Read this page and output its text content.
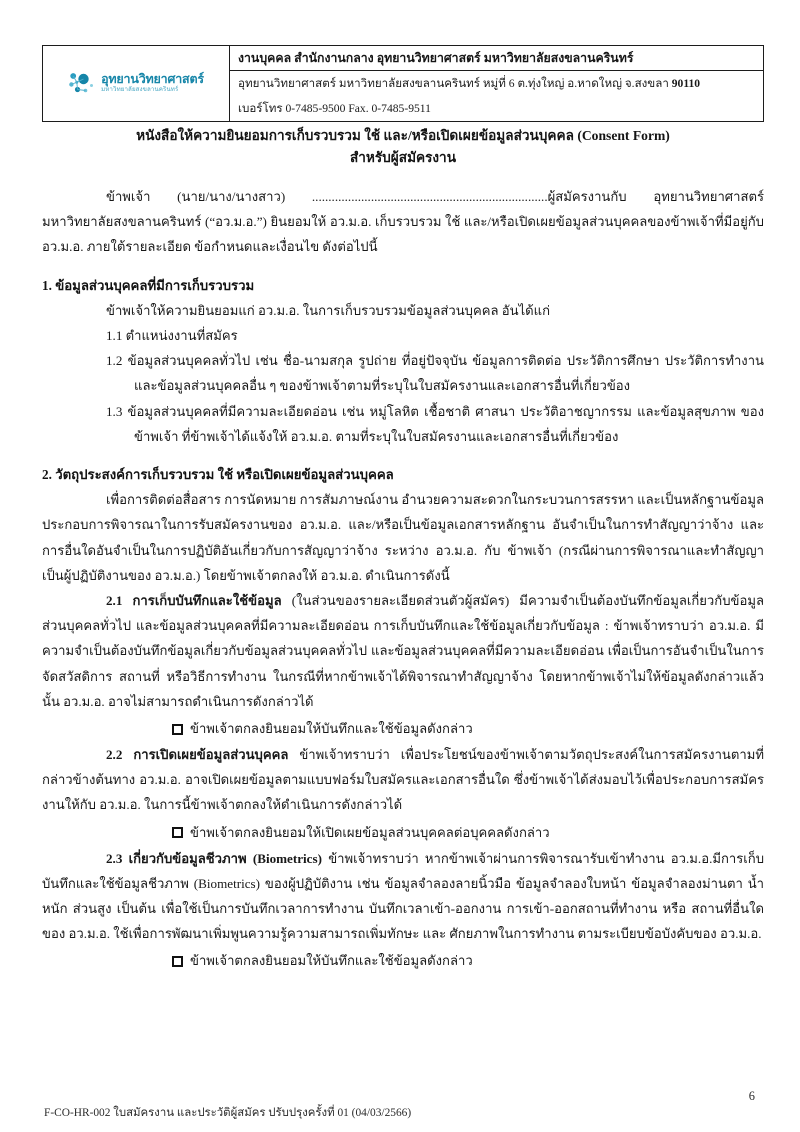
อุทยานวิทยาศาสตร์
มหาวิทยาลัยสงขลานครินทร์
	งานบุคคล สำนักงานกลาง อุทยานวิทยาศาสตร์ มหาวิทยาลัยสงขลานครินทร์
อุทยานวิทยาศาสตร์ มหาวิทยาลัยสงขลานครินทร์ หมู่ที่ 6 ต.ทุ่งใหญ่ อ.หาดใหญ่ จ.สงขลา 90110
เบอร์โทร 0-7485-9500 Fax. 0-7485-9511
หนังสือให้ความยินยอมการเก็บรวบรวม ใช้ และ/หรือเปิดเผยข้อมูลส่วนบุคคล (Consent Form)
สำหรับผู้สมัครงาน

ข้าพเจ้า (นาย/นาง/นางสาว) ........................................................................ผู้สมัครงานกับ อุทยานวิทยาศาสตร์ มหาวิทยาลัยสงขลานครินทร์ (“อว.ม.อ.”) ยินยอมให้ อว.ม.อ. เก็บรวบรวม ใช้ และ/หรือเปิดเผยข้อมูลส่วนบุคคลของข้าพเจ้าที่มีอยู่กับ อว.ม.อ. ภายใต้รายละเอียด ข้อกำหนดและเงื่อนไข ดังต่อไปนี้

1. ข้อมูลส่วนบุคคลที่มีการเก็บรวบรวม

ข้าพเจ้าให้ความยินยอมแก่ อว.ม.อ. ในการเก็บรวบรวมข้อมูลส่วนบุคคล อันได้แก่

1.1 ตำแหน่งงานที่สมัคร

1.2 ข้อมูลส่วนบุคคลทั่วไป เช่น ชื่อ-นามสกุล รูปถ่าย ที่อยู่ปัจจุบัน ข้อมูลการติดต่อ ประวัติการศึกษา ประวัติการทำงาน และข้อมูลส่วนบุคคลอื่น ๆ ของข้าพเจ้าตามที่ระบุในใบสมัครงานและเอกสารอื่นที่เกี่ยวข้อง

1.3 ข้อมูลส่วนบุคคลที่มีความละเอียดอ่อน เช่น หมู่โลหิต เชื้อชาติ ศาสนา ประวัติอาชญากรรม และข้อมูลสุขภาพ ของข้าพเจ้า ที่ข้าพเจ้าได้แจ้งให้ อว.ม.อ. ตามที่ระบุในใบสมัครงานและเอกสารอื่นที่เกี่ยวข้อง

2. วัตถุประสงค์การเก็บรวบรวม ใช้ หรือเปิดเผยข้อมูลส่วนบุคคล

เพื่อการติดต่อสื่อสาร การนัดหมาย การสัมภาษณ์งาน อำนวยความสะดวกในกระบวนการสรรหา และเป็นหลักฐานข้อมูลประกอบการพิจารณาในการรับสมัครงานของ อว.ม.อ. และ/หรือเป็นข้อมูลเอกสารหลักฐาน อันจำเป็นในการทำสัญญาว่าจ้าง และการอื่นใดอันจำเป็นในการปฏิบัติอันเกี่ยวกับการสัญญาว่าจ้าง ระหว่าง อว.ม.อ. กับ ข้าพเจ้า (กรณีผ่านการพิจารณาและทำสัญญาเป็นผู้ปฏิบัติงานของ อว.ม.อ.) โดยข้าพเจ้าตกลงให้ อว.ม.อ. ดำเนินการดังนี้

2.1 การเก็บบันทึกและใช้ข้อมูล (ในส่วนของรายละเอียดส่วนตัวผู้สมัคร) มีความจำเป็นต้องบันทึกข้อมูลเกี่ยวกับข้อมูลส่วนบุคคลทั่วไป และข้อมูลส่วนบุคคลที่มีความละเอียดอ่อน การเก็บบันทึกและใช้ข้อมูลเกี่ยวกับข้อมูล : ข้าพเจ้าทราบว่า อว.ม.อ. มีความจำเป็นต้องบันทึกข้อมูลเกี่ยวกับข้อมูลส่วนบุคคลทั่วไป และข้อมูลส่วนบุคคลที่มีความละเอียดอ่อน เพื่อเป็นการอันจำเป็นในการจัดสวัสดิการ สถานที่ หรือวิธีการทำงาน ในกรณีที่หากข้าพเจ้าได้พิจารณาทำสัญญาจ้าง โดยหากข้าพเจ้าไม่ให้ข้อมูลดังกล่าวแล้วนั้น อว.ม.อ. อาจไม่สามารถดำเนินการดังกล่าวได้

ข้าพเจ้าตกลงยินยอมให้บันทึกและใช้ข้อมูลดังกล่าว

2.2 การเปิดเผยข้อมูลส่วนบุคคล ข้าพเจ้าทราบว่า เพื่อประโยชน์ของข้าพเจ้าตามวัตถุประสงค์ในการสมัครงานตามที่กล่าวข้างต้นทาง อว.ม.อ. อาจเปิดเผยข้อมูลตามแบบฟอร์มใบสมัครและเอกสารอื่นใด ซึ่งข้าพเจ้าได้ส่งมอบไว้เพื่อประกอบการสมัครงานให้กับ อว.ม.อ. ในการนี้ข้าพเจ้าตกลงให้ดำเนินการดังกล่าวได้

ข้าพเจ้าตกลงยินยอมให้เปิดเผยข้อมูลส่วนบุคคลต่อบุคคลดังกล่าว

2.3 เกี่ยวกับข้อมูลชีวภาพ (Biometrics) ข้าพเจ้าทราบว่า หากข้าพเจ้าผ่านการพิจารณารับเข้าทำงาน อว.ม.อ.มีการเก็บบันทึกและใช้ข้อมูลชีวภาพ (Biometrics) ของผู้ปฏิบัติงาน เช่น ข้อมูลจำลองลายนิ้วมือ ข้อมูลจำลองใบหน้า ข้อมูลจำลองม่านตา น้ำหนัก ส่วนสูง เป็นต้น เพื่อใช้เป็นการบันทึกเวลาการทำงาน บันทึกเวลาเข้า-ออกงาน การเข้า-ออกสถานที่ทำงาน หรือ สถานที่อื่นใด ของ อว.ม.อ. ใช้เพื่อการพัฒนาเพิ่มพูนความรู้ความสามารถเพิ่มทักษะ และ ศักยภาพในการทำงาน ตามระเบียบข้อบังคับของ อว.ม.อ.

ข้าพเจ้าตกลงยินยอมให้บันทึกและใช้ข้อมูลดังกล่าว
F-CO-HR-002 ใบสมัครงาน และประวัติผู้สมัคร ปรับปรุงครั้งที่ 01 (04/03/2566)
6
